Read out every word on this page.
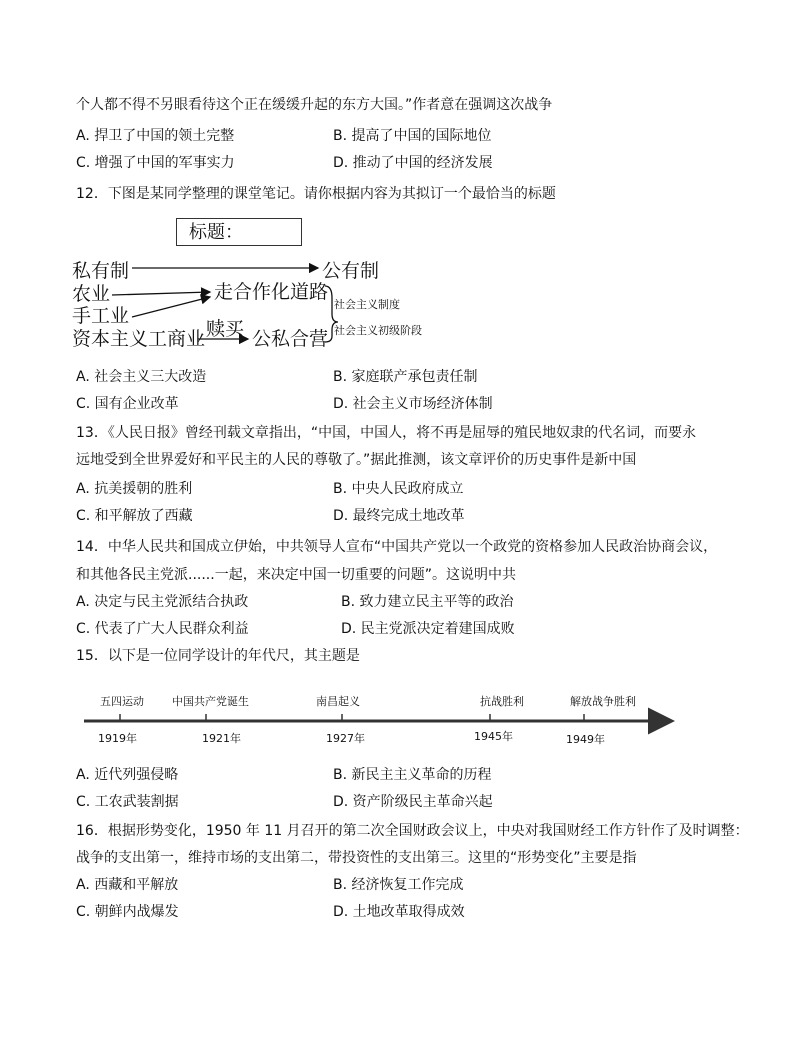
个人都不得不另眼看待这个正在缓缓升起的东方大国。”作者意在强调这次战争
A. 捍卫了中国的领土完整	B. 提高了中国的国际地位
C. 增强了中国的军事实力	D. 推动了中国的经济发展
12．下图是某同学整理的课堂笔记。请你根据内容为其拟订一个最恰当的标题
标题：
私有制	公有制
农业	走合作化道路
手工业
社会主义制度
赎买	社会主义初级阶段
资本主义工商业 公私合营
A. 社会主义三大改造	B. 家庭联产承包责任制
C. 国有企业改革	D. 社会主义市场经济体制
13．《人民日报》曾经刊载文章指出，“中国，中国人，将不再是屈辱的殖民地奴隶的代名词，而要永
远地受到全世界爱好和平民主的人民的尊敬了。”据此推测，该文章评价的历史事件是新中国
A. 抗美援朝的胜利	B. 中央人民政府成立
C. 和平解放了西藏	D. 最终完成土地改革
14．中华人民共和国成立伊始，中共领导人宣布“中国共产党以一个政党的资格参加人民政治协商会议，
和其他各民主党派......一起，来决定中国一切重要的问题”。这说明中共
A. 决定与民主党派结合执政	B. 致力建立民主平等的政治
C. 代表了广大人民群众利益	D. 民主党派决定着建国成败
15．以下是一位同学设计的年代尺，其主题是
五四运动	中国共产党诞生	南昌起义	抗战胜利	解放战争胜利
1919年	1921年	1927年	1945年	1949年
A. 近代列强侵略	B. 新民主主义革命的历程
C. 工农武装割据	D. 资产阶级民主革命兴起
16．根据形势变化，1950 年 11 月召开的第二次全国财政会议上，中央对我国财经工作方针作了及时调整：
战争的支出第一，维持市场的支出第二，带投资性的支出第三。这里的“形势变化”主要是指
A. 西藏和平解放	B. 经济恢复工作完成
C. 朝鲜内战爆发	D. 土地改革取得成效
